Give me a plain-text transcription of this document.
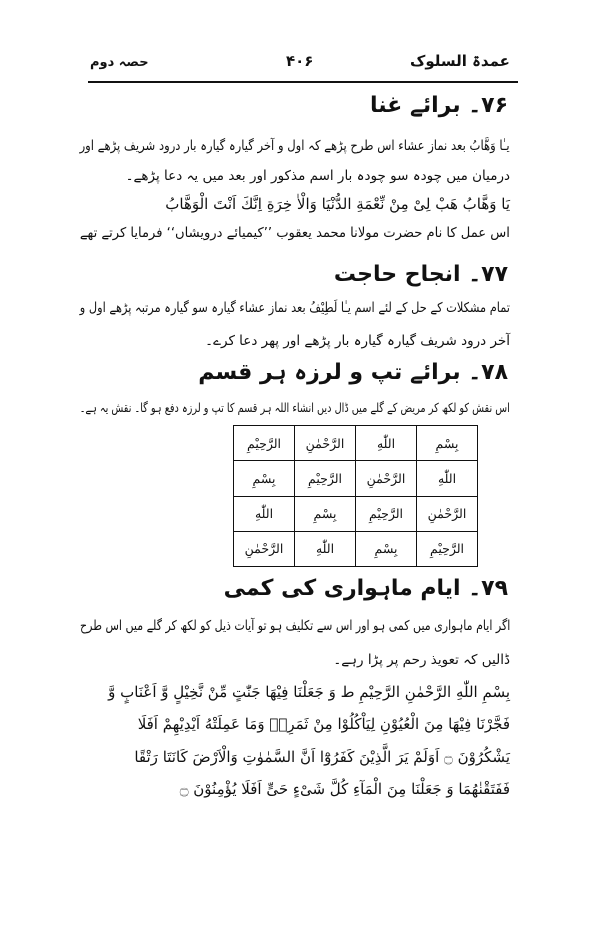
عمدۃ السلوک
۴۰۶
حصہ دوم
۷۶۔ برائے غنا
یـٰا وَهَّابُ بعد نماز عشاء اس طرح پڑھے کہ اول و آخر گیارہ گیارہ بار درود شریف پڑھے اور
درمیان میں چودہ سو چودہ بار اسم مذکور اور بعد میں یہ دعا پڑھے۔
یَا وَهَّابُ هَبْ لِیْ مِنْ نِّعْمَةِ الدُّنْیَا وَالْاٰ خِرَةِ اِنَّكَ اَنْتَ الْوَهَّابُ
اس عمل کا نام حضرت مولانا محمد یعقوب ’’کیمیائے درویشاں‘‘ فرمایا کرتے تھے
۷۷۔ انجاح حاجت
تمام مشکلات کے حل کے لئے اسم یـٰا لَطِیْفُ بعد نماز عشاء گیارہ سو گیارہ مرتبہ پڑھے اول و
آخر درود شریف گیارہ گیارہ بار پڑھے اور پھر دعا کرے۔
۷۸۔ برائے تپ و لرزہ ہر قسم
اس نقش کو لکھ کر مریض کے گلے میں ڈال دیں انشاء اللہ ہر قسم کا تپ و لرزہ دفع ہو گا۔ نقش یہ ہے۔
بِسْمِ	اللّٰهِ	الرَّحْمٰنِ	الرَّحِیْمِ
اللّٰهِ	الرَّحْمٰنِ	الرَّحِیْمِ	بِسْمِ
الرَّحْمٰنِ	الرَّحِیْمِ	بِسْمِ	اللّٰهِ
الرَّحِیْمِ	بِسْمِ	اللّٰهِ	الرَّحْمٰنِ
۷۹۔ ایام ماہواری کی کمی
اگر ایام ماہواری میں کمی ہو اور اس سے تکلیف ہو تو آیات ذیل کو لکھ کر گلے میں اس طرح
ڈالیں کہ تعویذ رحم پر پڑا رہے۔
بِسْمِ اللّٰهِ الرَّحْمٰنِ الرَّحِیْمِ ط وَ جَعَلْنَا فِیْهَا جَنّٰتٍ مِّنْ نَّخِیْلٍ وَّ اَعْنَابٍ وَّ
فَجَّرْنَا فِیْهَا مِنَ الْعُیُوْنِ لِیَاْكُلُوْا مِنْ ثَمَرِهٖ وَمَا عَمِلَتْهُ اَیْدِیْهِمْ اَفَلَا
یَشْكُرُوْنَ ۝ اَوَلَمْ یَرَ الَّذِیْنَ كَفَرُوْٓا اَنَّ السَّمٰوٰتِ وَالْاَرْضَ كَانَتَا رَتْقًا
فَفَتَقْنٰهُمَا وَ جَعَلْنَا مِنَ الْمَآءِ كُلَّ شَیْءٍ حَیٍّ اَفَلَا یُؤْمِنُوْنَ ۝
